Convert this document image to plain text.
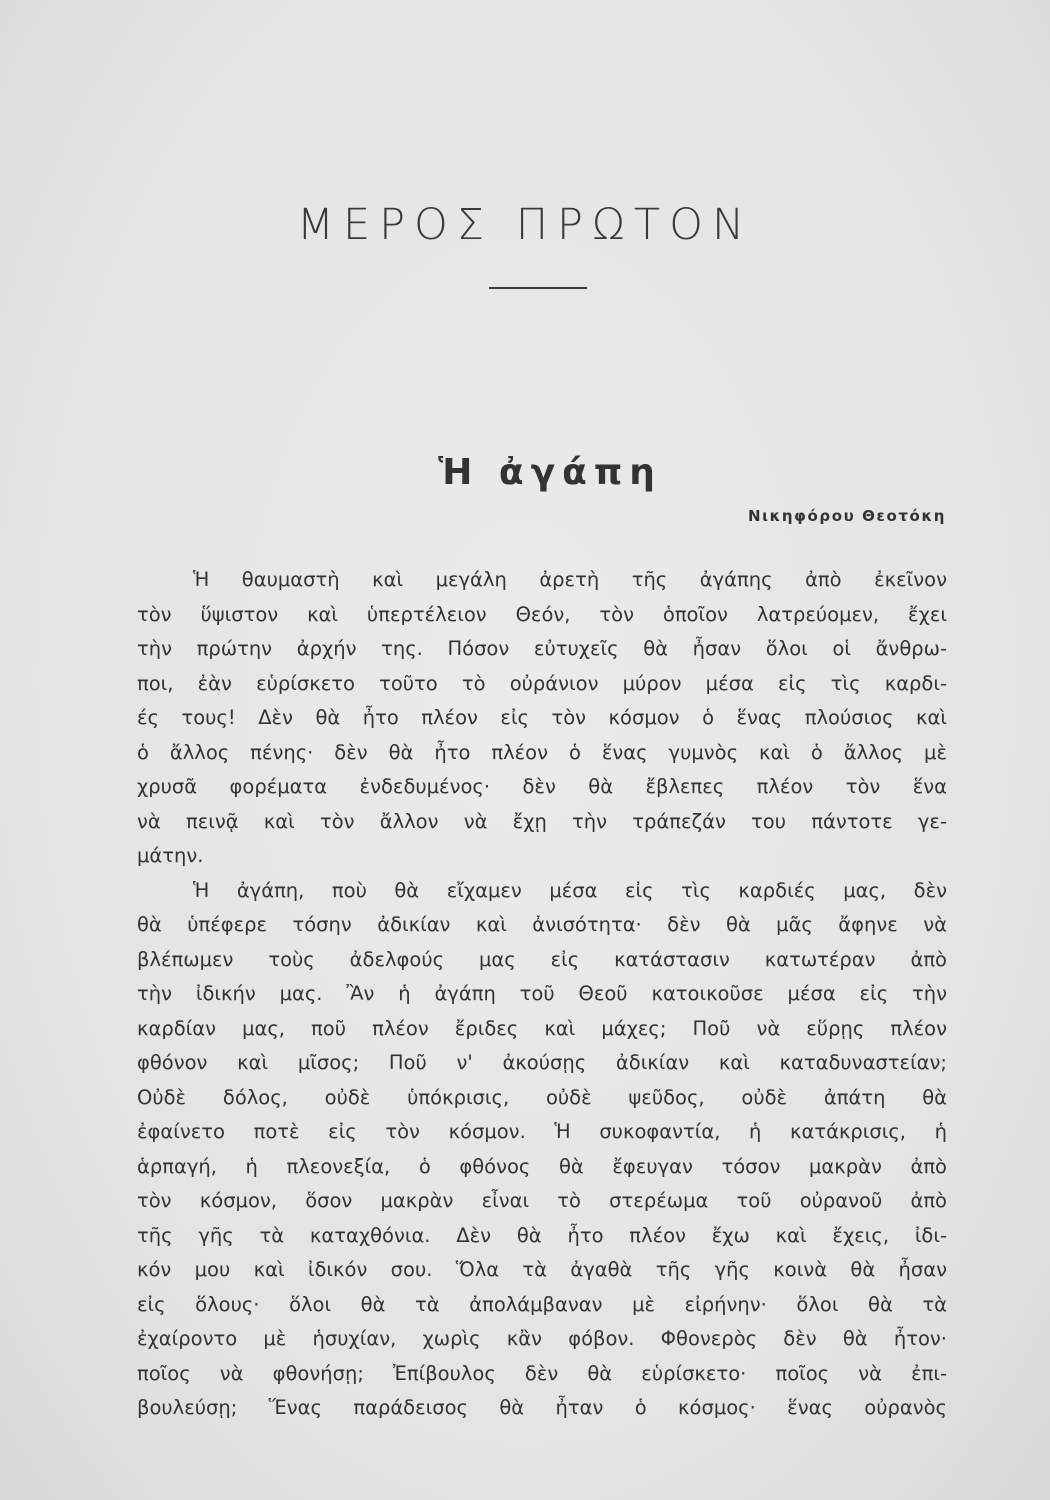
ΜΕΡΟΣ ΠΡΩΤΟΝ
Ἡ ἀγάπη
Νικηφόρου Θεοτόκη
Ἡ θαυμαστὴ καὶ μεγάλη ἀρετὴ τῆς ἀγάπης ἀπὸ ἐκεῖνον
τὸν ὕψιστον καὶ ὑπερτέλειον Θεόν, τὸν ὁποῖον λατρεύομεν, ἔχει
τὴν πρώτην ἀρχήν της. Πόσον εὐτυχεῖς θὰ ἦσαν ὅλοι οἱ ἄνθρω-
ποι, ἐὰν εὑρίσκετο τοῦτο τὸ οὐράνιον μύρον μέσα εἰς τὶς καρδι-
ές τους! Δὲν θὰ ἦτο πλέον εἰς τὸν κόσμον ὁ ἕνας πλούσιος καὶ
ὁ ἄλλος πένης· δὲν θὰ ἦτο πλέον ὁ ἕνας γυμνὸς καὶ ὁ ἄλλος μὲ
χρυσᾶ φορέματα ἐνδεδυμένος· δὲν θὰ ἔβλεπες πλέον τὸν ἕνα
νὰ πεινᾷ καὶ τὸν ἄλλον νὰ ἔχῃ τὴν τράπεζάν του πάντοτε γε-
μάτην.
Ἡ ἀγάπη, ποὺ θὰ εἴχαμεν μέσα εἰς τὶς καρδιές μας, δὲν
θὰ ὑπέφερε τόσην ἀδικίαν καὶ ἀνισότητα· δὲν θὰ μᾶς ἄφηνε νὰ
βλέπωμεν τοὺς ἀδελφούς μας εἰς κατάστασιν κατωτέραν ἀπὸ
τὴν ἰδικήν μας. Ἂν ἡ ἀγάπη τοῦ Θεοῦ κατοικοῦσε μέσα εἰς τὴν
καρδίαν μας, ποῦ πλέον ἔριδες καὶ μάχες; Ποῦ νὰ εὕρῃς πλέον
φθόνον καὶ μῖσος; Ποῦ ν' ἀκούσῃς ἀδικίαν καὶ καταδυναστείαν;
Οὐδὲ δόλος, οὐδὲ ὑπόκρισις, οὐδὲ ψεῦδος, οὐδὲ ἀπάτη θὰ
ἐφαίνετο ποτὲ εἰς τὸν κόσμον. Ἡ συκοφαντία, ἡ κατάκρισις, ἡ
ἁρπαγή, ἡ πλεονεξία, ὁ φθόνος θὰ ἔφευγαν τόσον μακρὰν ἀπὸ
τὸν κόσμον, ὅσον μακρὰν εἶναι τὸ στερέωμα τοῦ οὐρανοῦ ἀπὸ
τῆς γῆς τὰ καταχθόνια. Δὲν θὰ ἦτο πλέον ἔχω καὶ ἔχεις, ἰδι-
κόν μου καὶ ἰδικόν σου. Ὅλα τὰ ἀγαθὰ τῆς γῆς κοινὰ θὰ ἦσαν
εἰς ὅλους· ὅλοι θὰ τὰ ἀπολάμβαναν μὲ εἰρήνην· ὅλοι θὰ τὰ
ἐχαίροντο μὲ ἡσυχίαν, χωρὶς κἂν φόβον. Φθονερὸς δὲν θὰ ἦτον·
ποῖος νὰ φθονήσῃ; Ἐπίβουλος δὲν θὰ εὑρίσκετο· ποῖος νὰ ἐπι-
βουλεύσῃ; Ἕνας παράδεισος θὰ ἦταν ὁ κόσμος· ἕνας οὐρανὸς
